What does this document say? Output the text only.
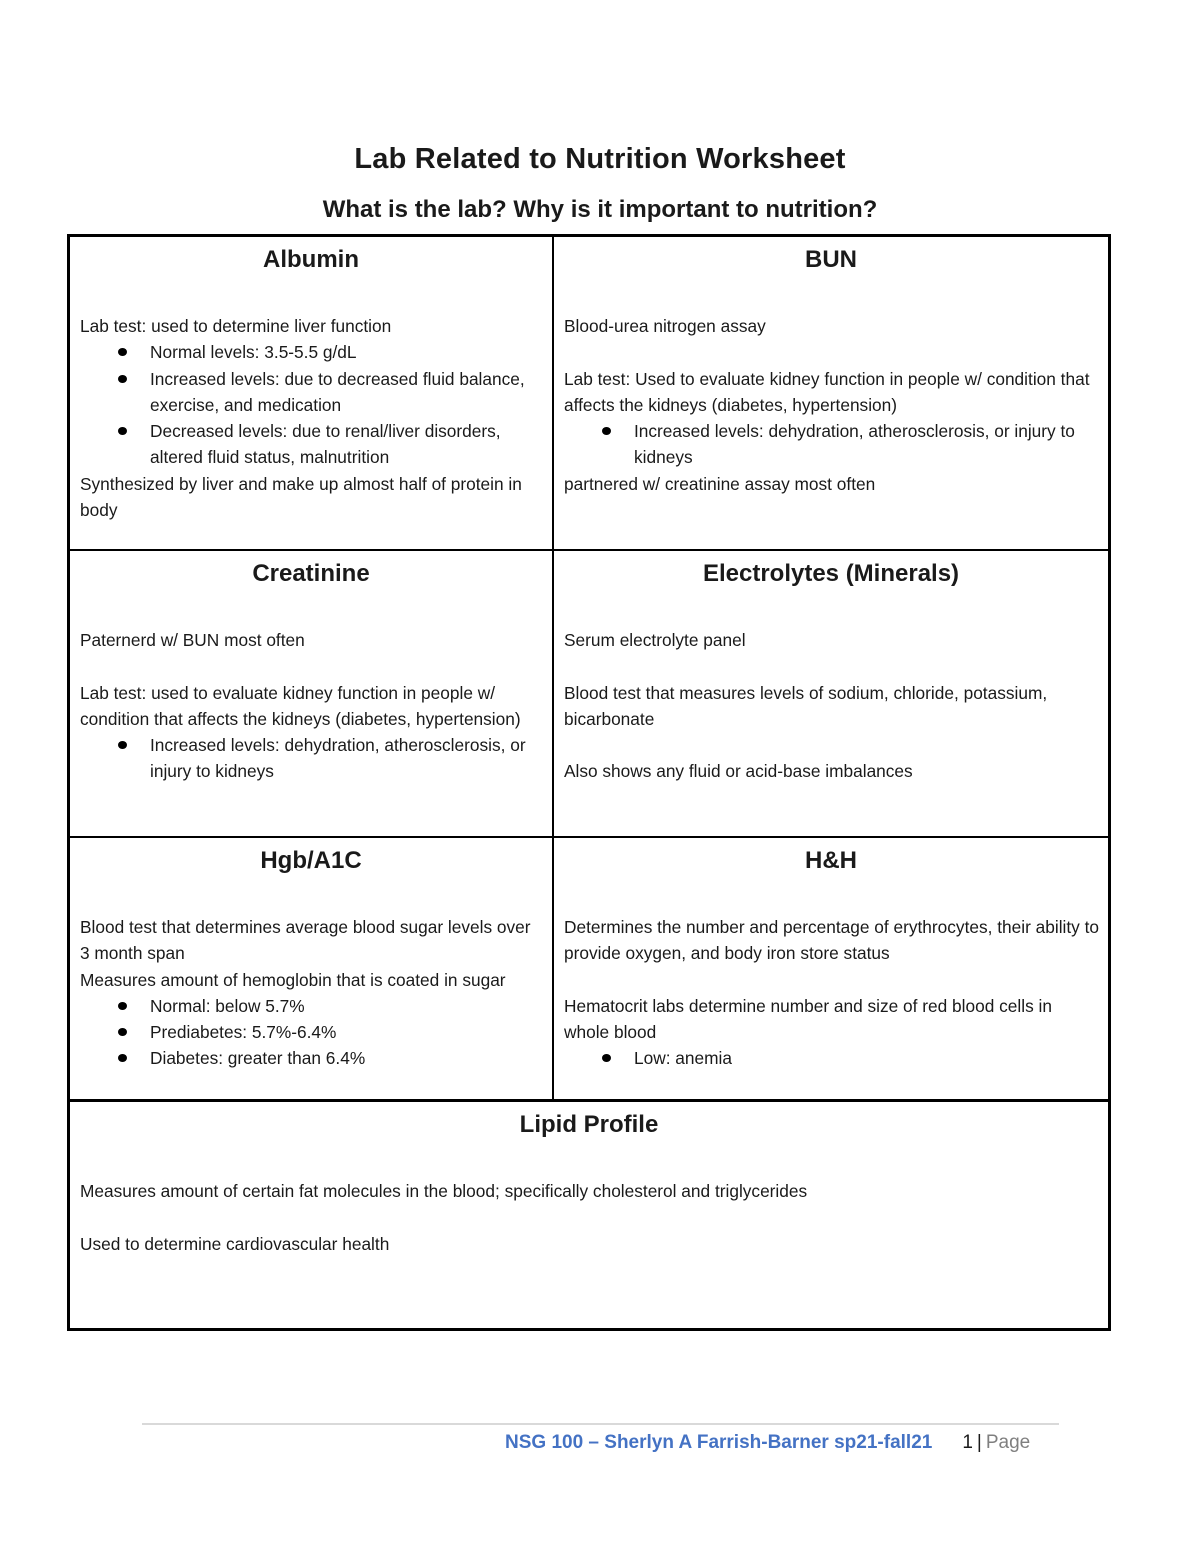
Lab Related to Nutrition Worksheet
What is the lab? Why is it important to nutrition?
Albumin

Lab test: used to determine liver function

Normal levels: 3.5-5.5 g/dL
Increased levels: due to decreased fluid balance, exercise, and medication
Decreased levels: due to renal/liver disorders, altered fluid status, malnutrition

Synthesized by liver and make up almost half of protein in body

BUN

Blood-urea nitrogen assay

Lab test: Used to evaluate kidney function in people w/ condition that affects the kidneys (diabetes, hypertension)

Increased levels: dehydration, atherosclerosis, or injury to kidneys

partnered w/ creatinine assay most often

Creatinine

Paternerd w/ BUN most often

Lab test: used to evaluate kidney function in people w/ condition that affects the kidneys (diabetes, hypertension)

Increased levels: dehydration, atherosclerosis, or injury to kidneys
Electrolytes (Minerals)

Serum electrolyte panel

Blood test that measures levels of sodium, chloride, potassium, bicarbonate

Also shows any fluid or acid-base imbalances

Hgb/A1C

Blood test that determines average blood sugar levels over 3 month span

Measures amount of hemoglobin that is coated in sugar

Normal: below 5.7%
Prediabetes: 5.7%-6.4%
Diabetes: greater than 6.4%
H&H

Determines the number and percentage of erythrocytes, their ability to provide oxygen, and body iron store status

Hematocrit labs determine number and size of red blood cells in whole blood

Low: anemia
Lipid Profile

Measures amount of certain fat molecules in the blood; specifically cholesterol and triglycerides

Used to determine cardiovascular health

NSG 100 – Sherlyn A Farrish-Barner sp21-fall21 1 | Page
